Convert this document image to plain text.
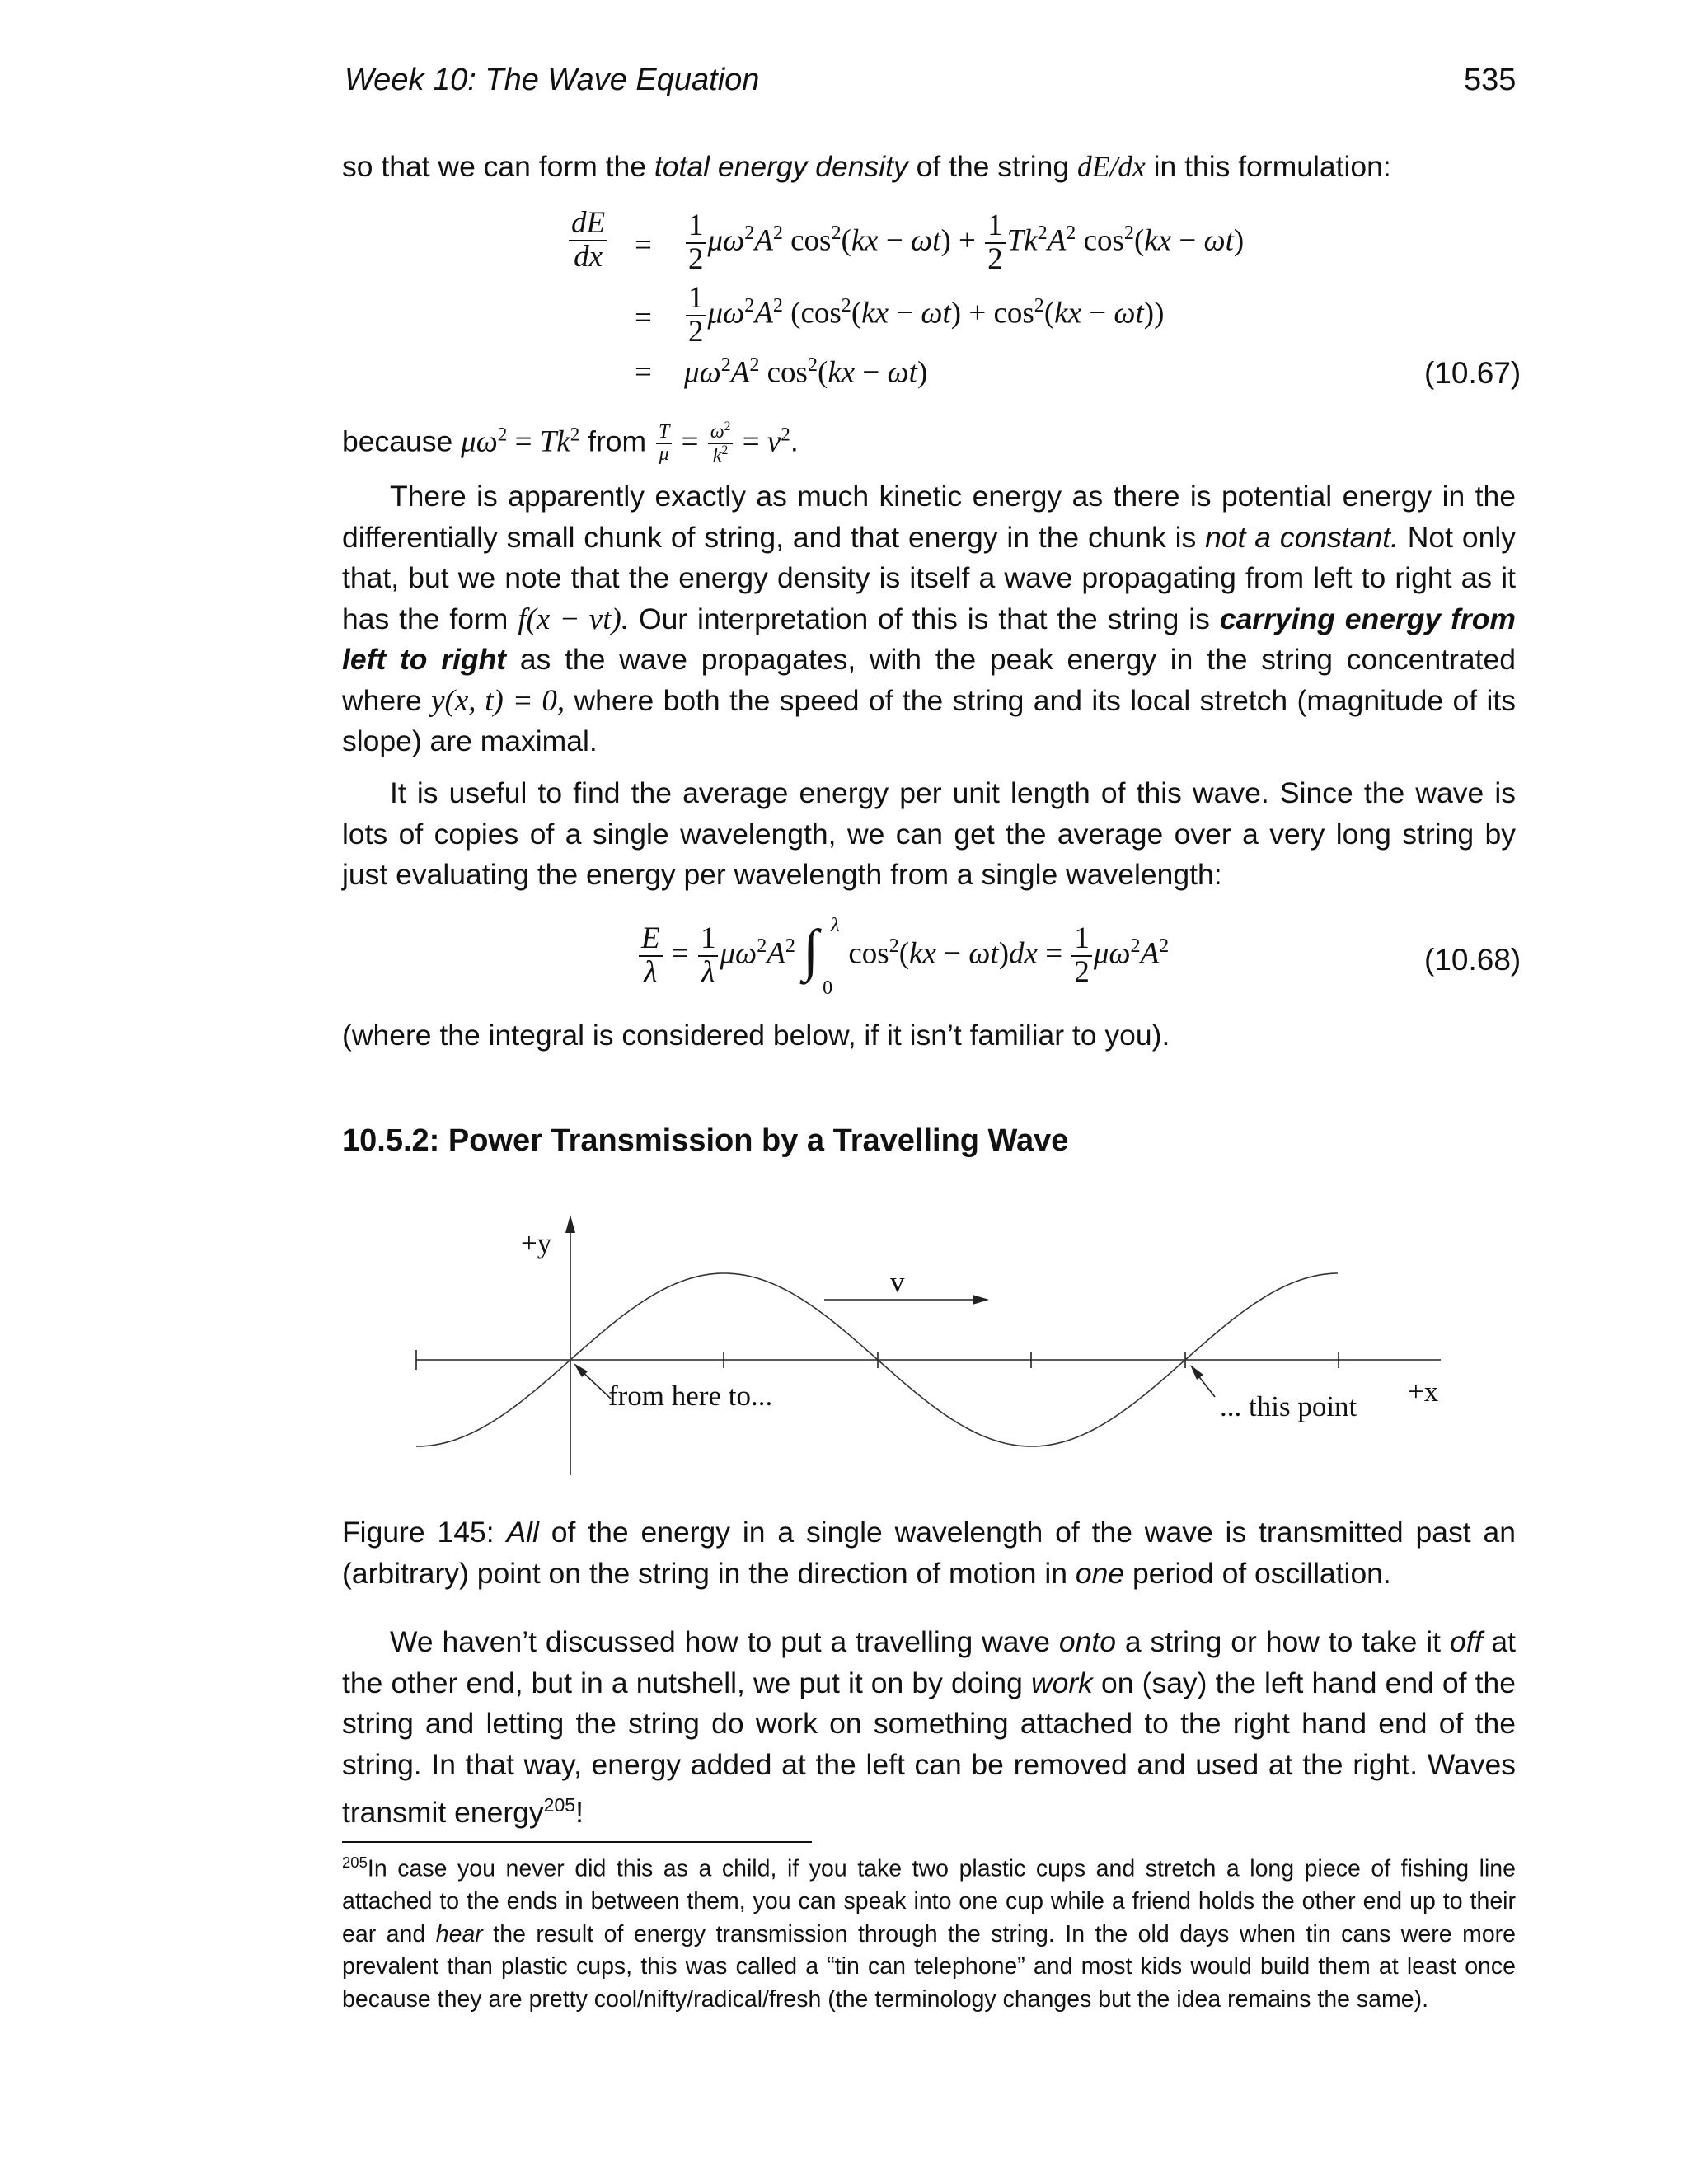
Week 10: The Wave Equation	535

so that we can form the total energy density of the string dE/dx in this formulation:

$\frac{dE}{dx} = \frac{1}{2} \mu\omega^2A^2$ $\cos^2(kx - \omega t) + \frac{1}{2} Tk^2A^2$ $\cos^2(kx - \omega t)$
= $\frac{1}{2} \mu\omega^2A^2$ $(\cos^2(kx - \omega t) + \cos^2(kx - \omega t))$
= $\mu\omega^2A^2$ $\cos^2(kx - \omega t)$	(10.67)
because $\mu\omega^2 = Tk^2$ from $\frac{T}{\mu} = \frac{\omega^2}{k^2} = v^2$.

There is apparently exactly as much kinetic energy as there is potential energy in the differentially small chunk of string, and that energy in the chunk is not a constant. Not only that, but we note that the energy density is itself a wave propagating from left to right as it has the form f(x − vt). Our interpretation of this is that the string is carrying energy from left to right as the wave propagates, with the peak energy in the string concentrated where y(x, t) = 0, where both the speed of the string and its local stretch (magnitude of its slope) are maximal.

It is useful to find the average energy per unit length of this wave. Since the wave is lots of copies of a single wavelength, we can get the average over a very long string by just evaluating the energy per wavelength from a single wavelength:

$\frac{E}{\lambda} = \frac{1}{\lambda} \mu\omega^2A^2$ ∫ λ
0
$\cos^2(kx - \omega t)dx = \frac{1}{2} \mu\omega^2A^2$	(10.68)

(where the integral is considered below, if it isn’t familiar to you).

10.5.2: Power Transmission by a Travelling Wave
+y
v
from here to...	... this point +x

Figure 145: All of the energy in a single wavelength of the wave is transmitted past an (arbitrary) point on the string in the direction of motion in one period of oscillation.

We haven’t discussed how to put a travelling wave onto a string or how to take it off at the other end, but in a nutshell, we put it on by doing work on (say) the left hand end of the string and letting the string do work on something attached to the right hand end of the string. In that way, energy added at the left can be removed and used at the right. Waves transmit energy$^{205}$!

$^{205}$In case you never did this as a child, if you take two plastic cups and stretch a long piece of fishing line attached to the ends in between them, you can speak into one cup while a friend holds the other end up to their ear and hear the result of energy transmission through the string. In the old days when tin cans were more prevalent than plastic cups, this was called a “tin can telephone” and most kids would build them at least once because they are pretty cool/nifty/radical/fresh (the terminology changes but the idea remains the same).
